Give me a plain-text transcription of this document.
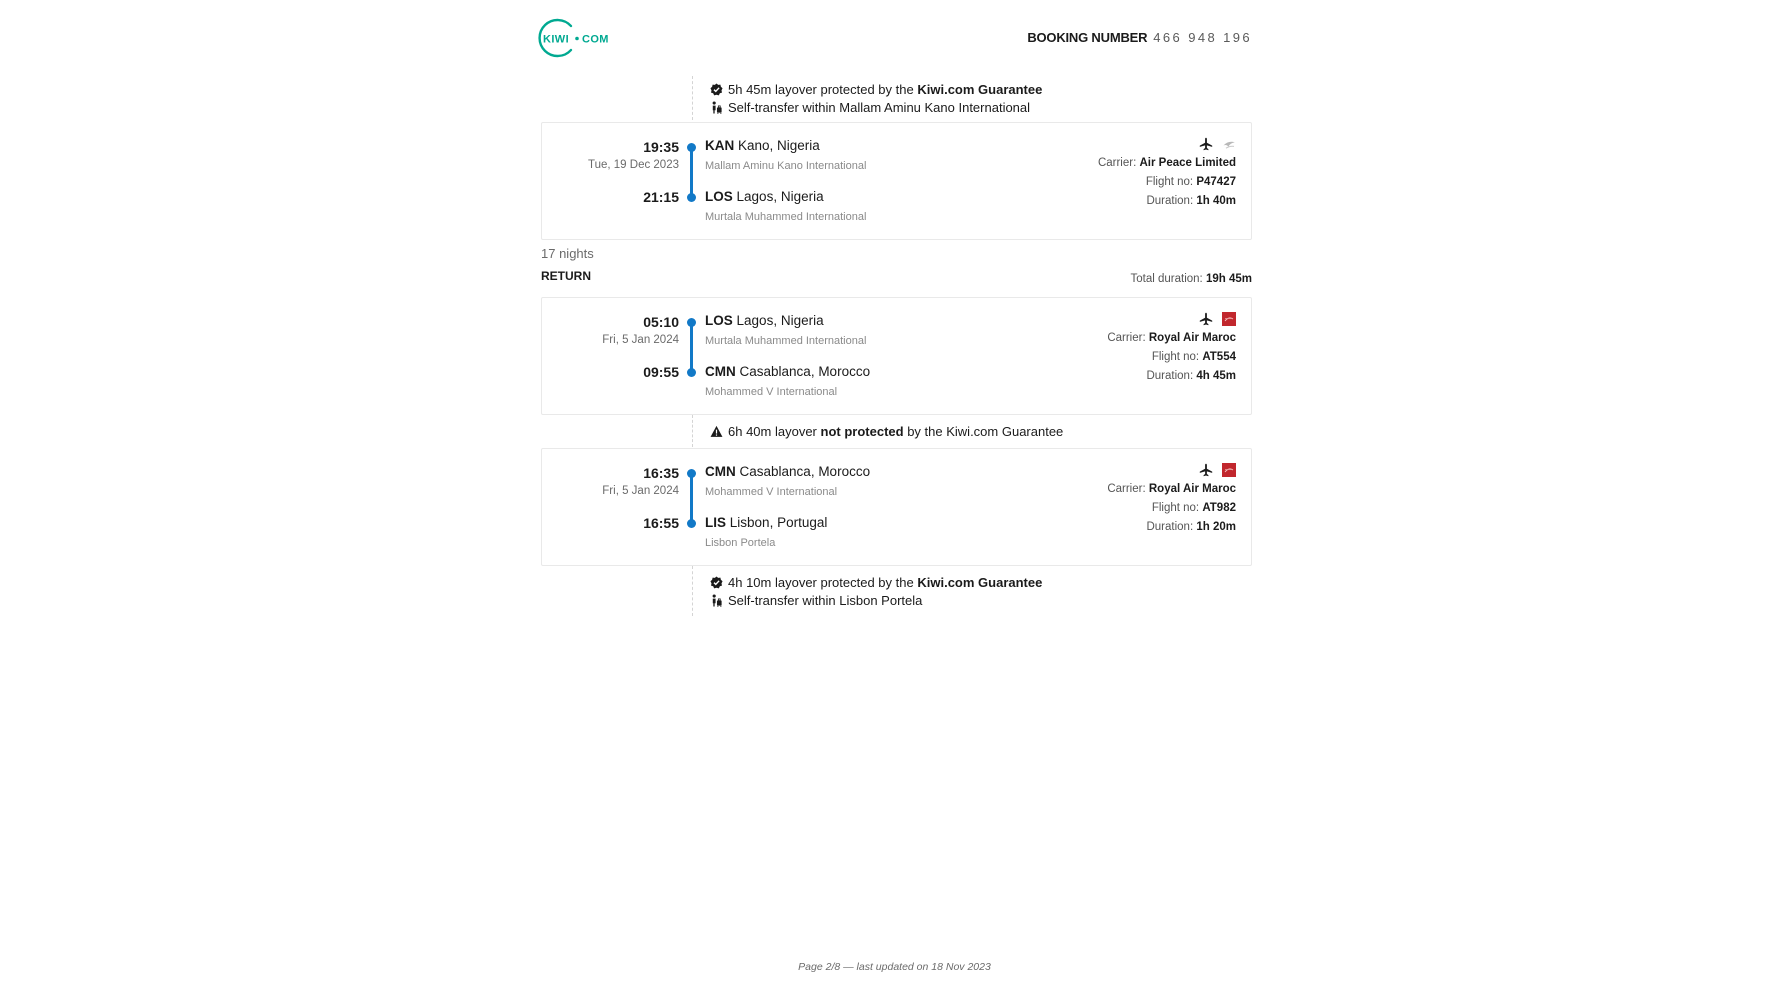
KIWI COM	BOOKING NUMBER 466 948 196
5h 45m layover protected by the
Kiwi.com Guarantee
Self-transfer within Mallam Aminu Kano International
19:35
Tue, 19 Dec 2023
21:15
KAN Kano, Nigeria
Mallam Aminu Kano International
LOS Lagos, Nigeria
Murtala Muhammed International
Carrier: Air Peace Limited
Flight no: P47427
Duration: 1h 40m
17 nights
RETURN	Total duration: 19h 45m
05:10
Fri, 5 Jan 2024
09:55
LOS Lagos, Nigeria
Murtala Muhammed International
CMN Casablanca, Morocco
Mohammed V International
Carrier: Royal Air Maroc
Flight no: AT554
Duration: 4h 45m
6h 40m layover
not protected
by the Kiwi.com Guarantee
16:35
Fri, 5 Jan 2024
16:55
CMN Casablanca, Morocco
Mohammed V International
LIS Lisbon, Portugal
Lisbon Portela
Carrier: Royal Air Maroc
Flight no: AT982
Duration: 1h 20m
4h 10m layover protected by the
Kiwi.com Guarantee
Self-transfer within Lisbon Portela
Page 2/8 — last updated on 18 Nov 2023
